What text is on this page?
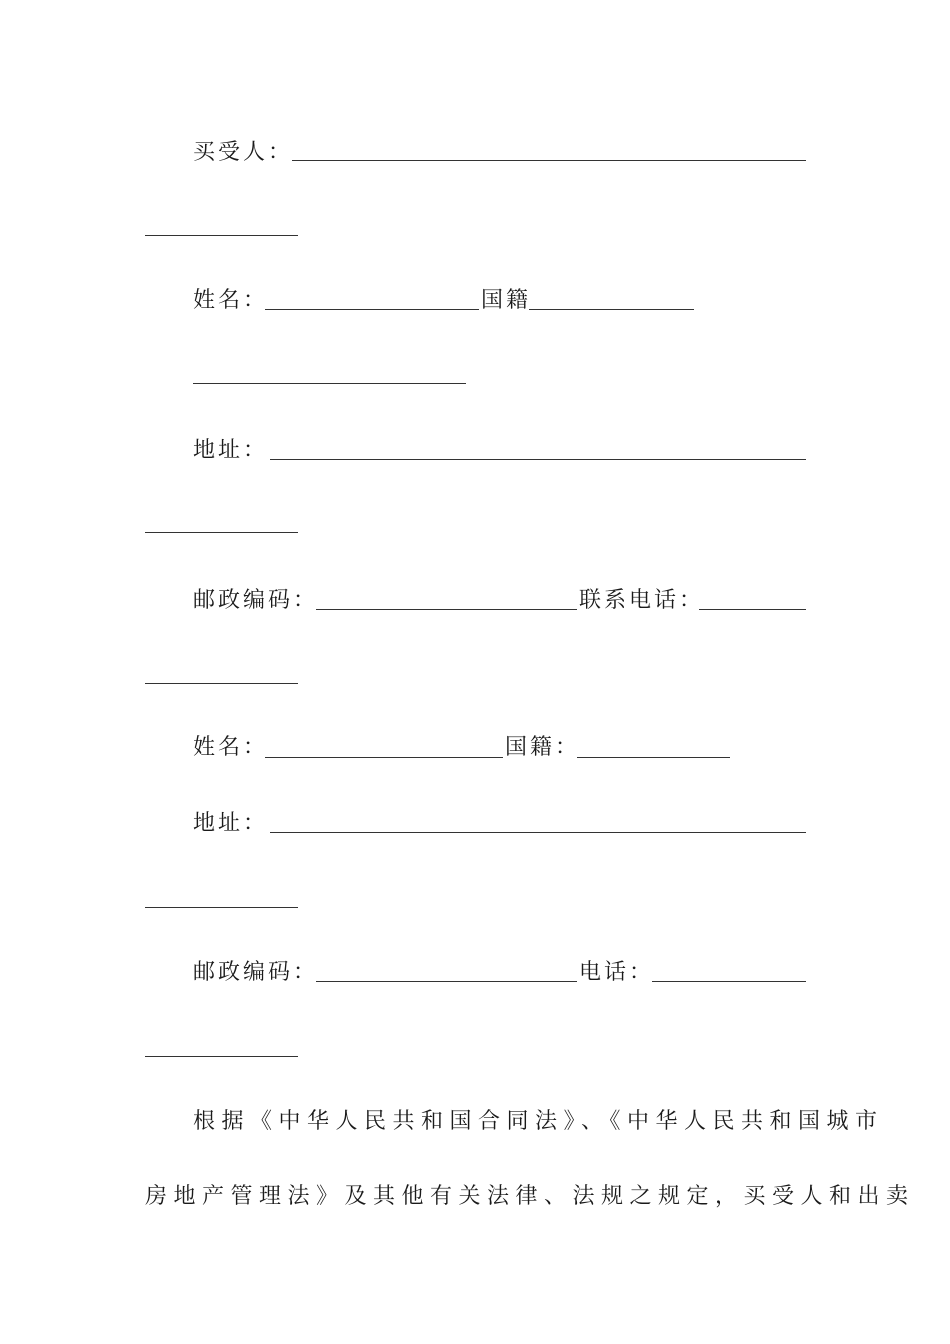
买受人：
姓名：	国籍
地址：
邮政编码：	联系电话：
姓名：	国籍：
地址：
邮政编码：	电话：
根据《中华人民共和国合同法》、《中华人民共和国城市
房地产管理法》及其他有关法律、法规之规定，买受人和出卖
